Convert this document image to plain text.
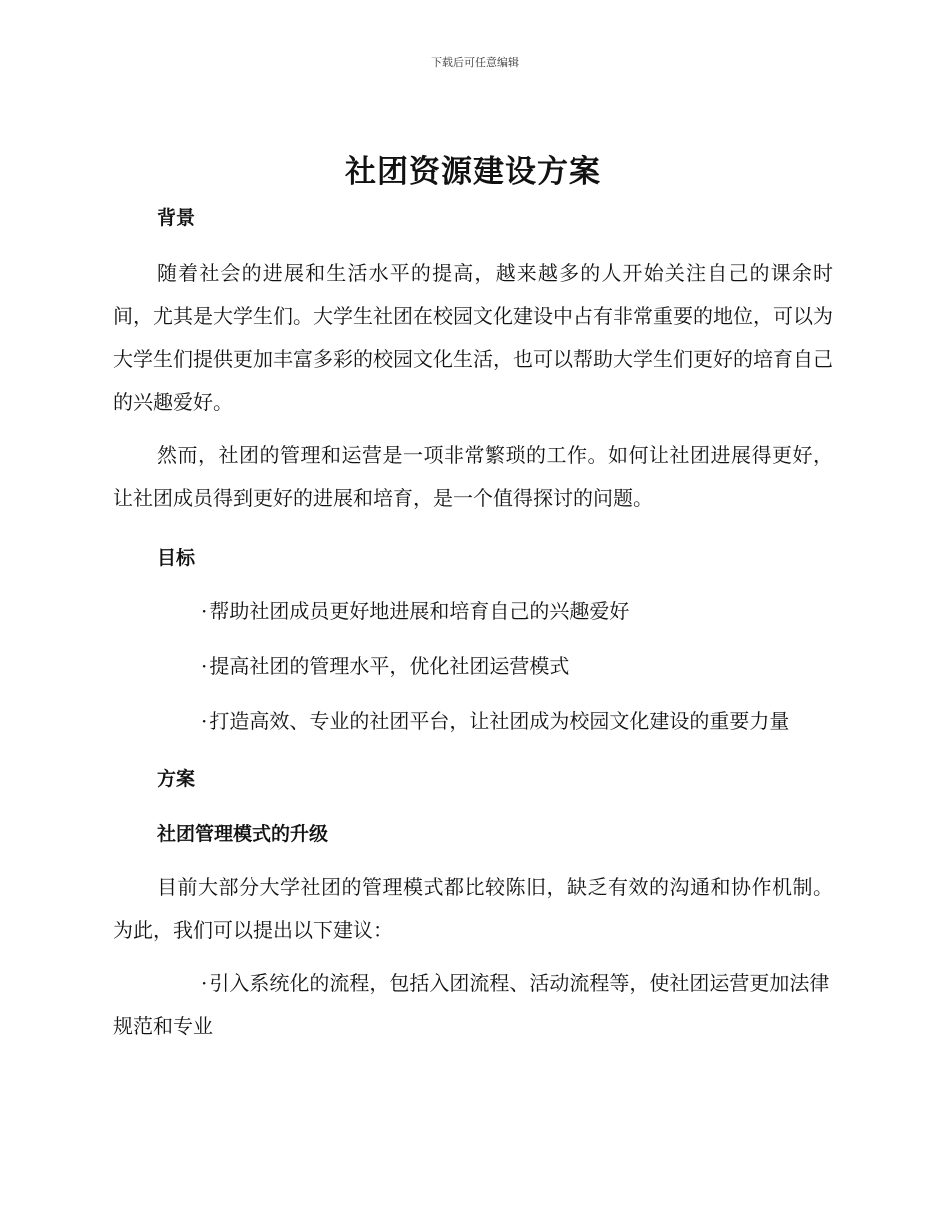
下载后可任意编辑
社团资源建设方案

背景

随着社会的进展和生活水平的提高，越来越多的人开始关注自己的课余时间，尤其是大学生们。大学生社团在校园文化建设中占有非常重要的地位，可以为大学生们提供更加丰富多彩的校园文化生活，也可以帮助大学生们更好的培育自己的兴趣爱好。

然而，社团的管理和运营是一项非常繁琐的工作。如何让社团进展得更好，让社团成员得到更好的进展和培育，是一个值得探讨的问题。

目标

· 帮助社团成员更好地进展和培育自己的兴趣爱好

· 提高社团的管理水平，优化社团运营模式

· 打造高效、专业的社团平台，让社团成为校园文化建设的重要力量

方案

社团管理模式的升级

目前大部分大学社团的管理模式都比较陈旧，缺乏有效的沟通和协作机制。为此，我们可以提出以下建议：

· 引入系统化的流程，包括入团流程、活动流程等，使社团运营更加法律规范和专业
